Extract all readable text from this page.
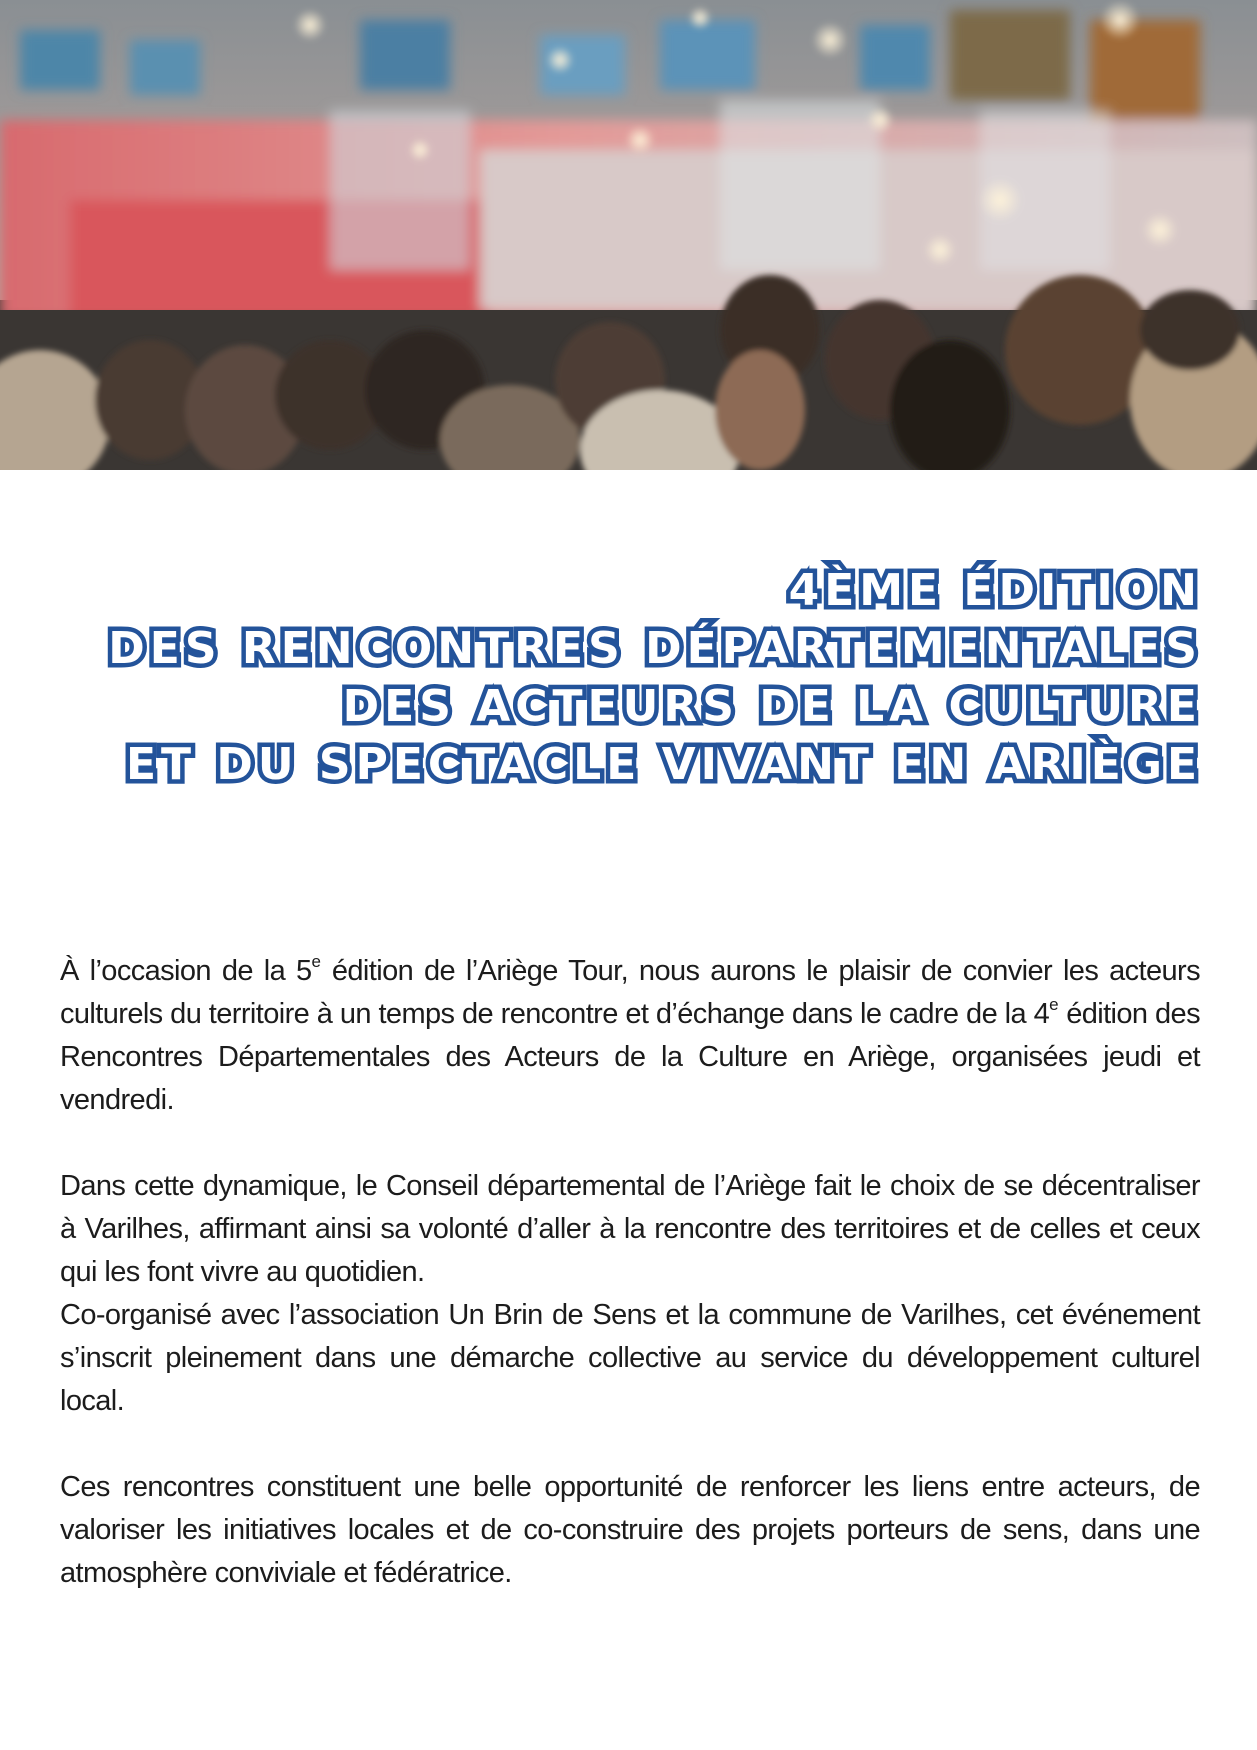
4ÈME ÉDITION
DES RENCONTRES DÉPARTEMENTALES
DES ACTEURS DE LA CULTURE
ET DU SPECTACLE VIVANT EN ARIÈGE

À l’occasion de la 5e édition de l’Ariège Tour, nous aurons le plaisir de convier les acteurs culturels du territoire à un temps de rencontre et d’échange dans le cadre de la 4e édition des Rencontres Départementales des Acteurs de la Culture en Ariège, organisées jeudi et vendredi.

Dans cette dynamique, le Conseil départemental de l’Ariège fait le choix de se décentraliser à Varilhes, affirmant ainsi sa volonté d’aller à la rencontre des territoires et de celles et ceux qui les font vivre au quotidien.

Co-organisé avec l’association Un Brin de Sens et la commune de Varilhes, cet événement s’inscrit pleinement dans une démarche collective au service du développement culturel local.

Ces rencontres constituent une belle opportunité de renforcer les liens entre acteurs, de valoriser les initiatives locales et de co-construire des projets porteurs de sens, dans une atmosphère conviviale et fédératrice.
